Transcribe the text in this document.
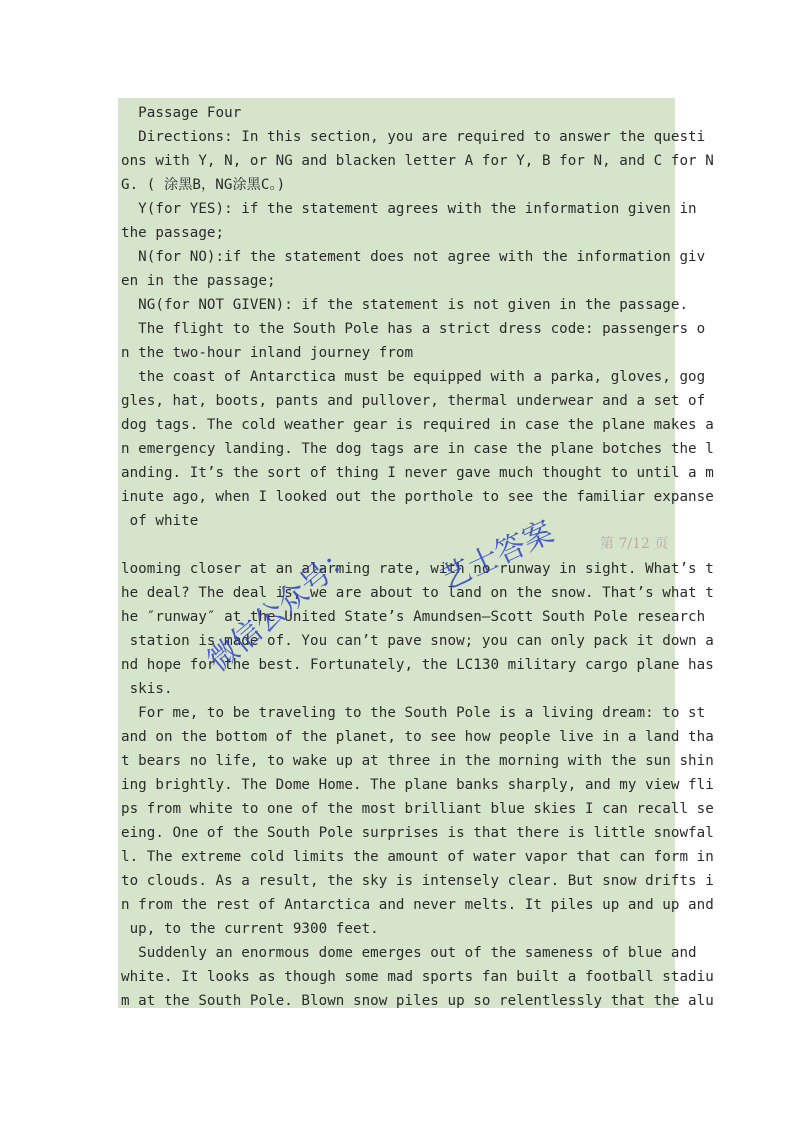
Passage Four
Directions: In this section, you are required to answer the questi
ons with Y, N, or NG and blacken letter A for Y, B for N, and C for N
G. ( 涂黑B，NG涂黑C。)
Y(for YES): if the statement agrees with the information given in
the passage;
N(for NO):if the statement does not agree with the information giv
en in the passage;
NG(for NOT GIVEN): if the statement is not given in the passage.
The flight to the South Pole has a strict dress code: passengers o
n the two-hour inland journey from
the coast of Antarctica must be equipped with a parka, gloves, gog
gles, hat, boots, pants and pullover, thermal underwear and a set of
dog tags. The cold weather gear is required in case the plane makes a
n emergency landing. The dog tags are in case the plane botches the l
anding. It’s the sort of thing I never gave much thought to until a m
inute ago, when I looked out the porthole to see the familiar expanse
of white
looming closer at an alarming rate, with no runway in sight. What’s t
he deal? The deal is, we are about to land on the snow. That’s what t
he ″runway″ at the United State’s Amundsen—Scott South Pole research
station is made of. You can’t pave snow; you can only pack it down a
nd hope for the best. Fortunately, the LC130 military cargo plane has
skis.
For me, to be traveling to the South Pole is a living dream: to st
and on the bottom of the planet, to see how people live in a land tha
t bears no life, to wake up at three in the morning with the sun shin
ing brightly. The Dome Home. The plane banks sharply, and my view fli
ps from white to one of the most brilliant blue skies I can recall se
eing. One of the South Pole surprises is that there is little snowfal
l. The extreme cold limits the amount of water vapor that can form in
to clouds. As a result, the sky is intensely clear. But snow drifts i
n from the rest of Antarctica and never melts. It piles up and up and
up, to the current 9300 feet.
Suddenly an enormous dome emerges out of the sameness of blue and
white. It looks as though some mad sports fan built a football stadiu
m at the South Pole. Blown snow piles up so relentlessly that the alu
第 7/12 页
微信公众号： 艺士答案
